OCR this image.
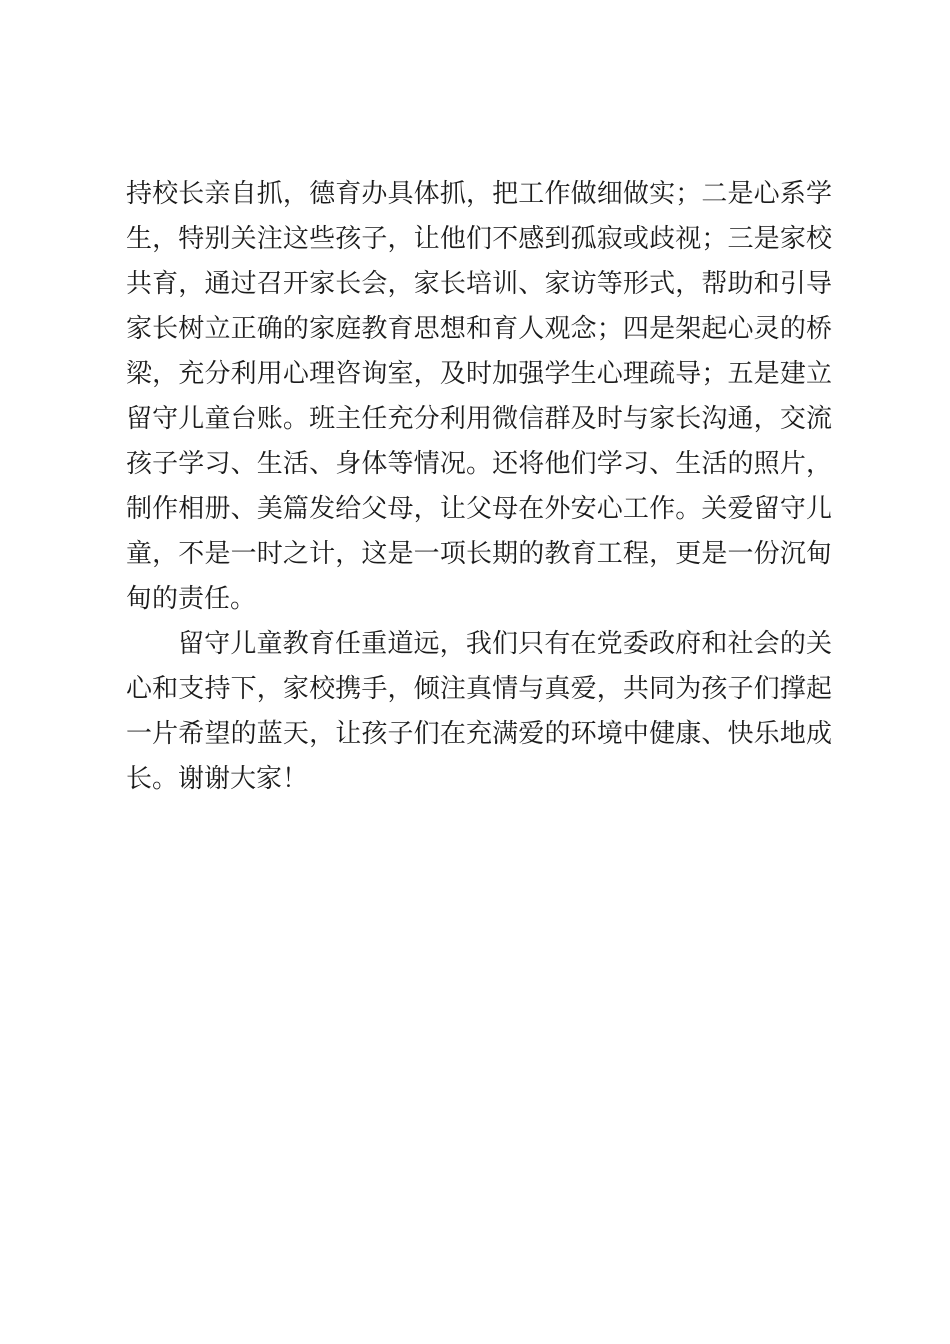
持校长亲自抓，德育办具体抓，把工作做细做实；二是心系学
生，特别关注这些孩子，让他们不感到孤寂或歧视；三是家校
共育，通过召开家长会，家长培训、家访等形式，帮助和引导
家长树立正确的家庭教育思想和育人观念；四是架起心灵的桥
梁，充分利用心理咨询室，及时加强学生心理疏导；五是建立
留守儿童台账。班主任充分利用微信群及时与家长沟通，交流
孩子学习、生活、身体等情况。还将他们学习、生活的照片，
制作相册、美篇发给父母，让父母在外安心工作。关爱留守儿
童，不是一时之计，这是一项长期的教育工程，更是一份沉甸
甸的责任。
留守儿童教育任重道远，我们只有在党委政府和社会的关
心和支持下，家校携手，倾注真情与真爱，共同为孩子们撑起
一片希望的蓝天，让孩子们在充满爱的环境中健康、快乐地成
长。谢谢大家！
